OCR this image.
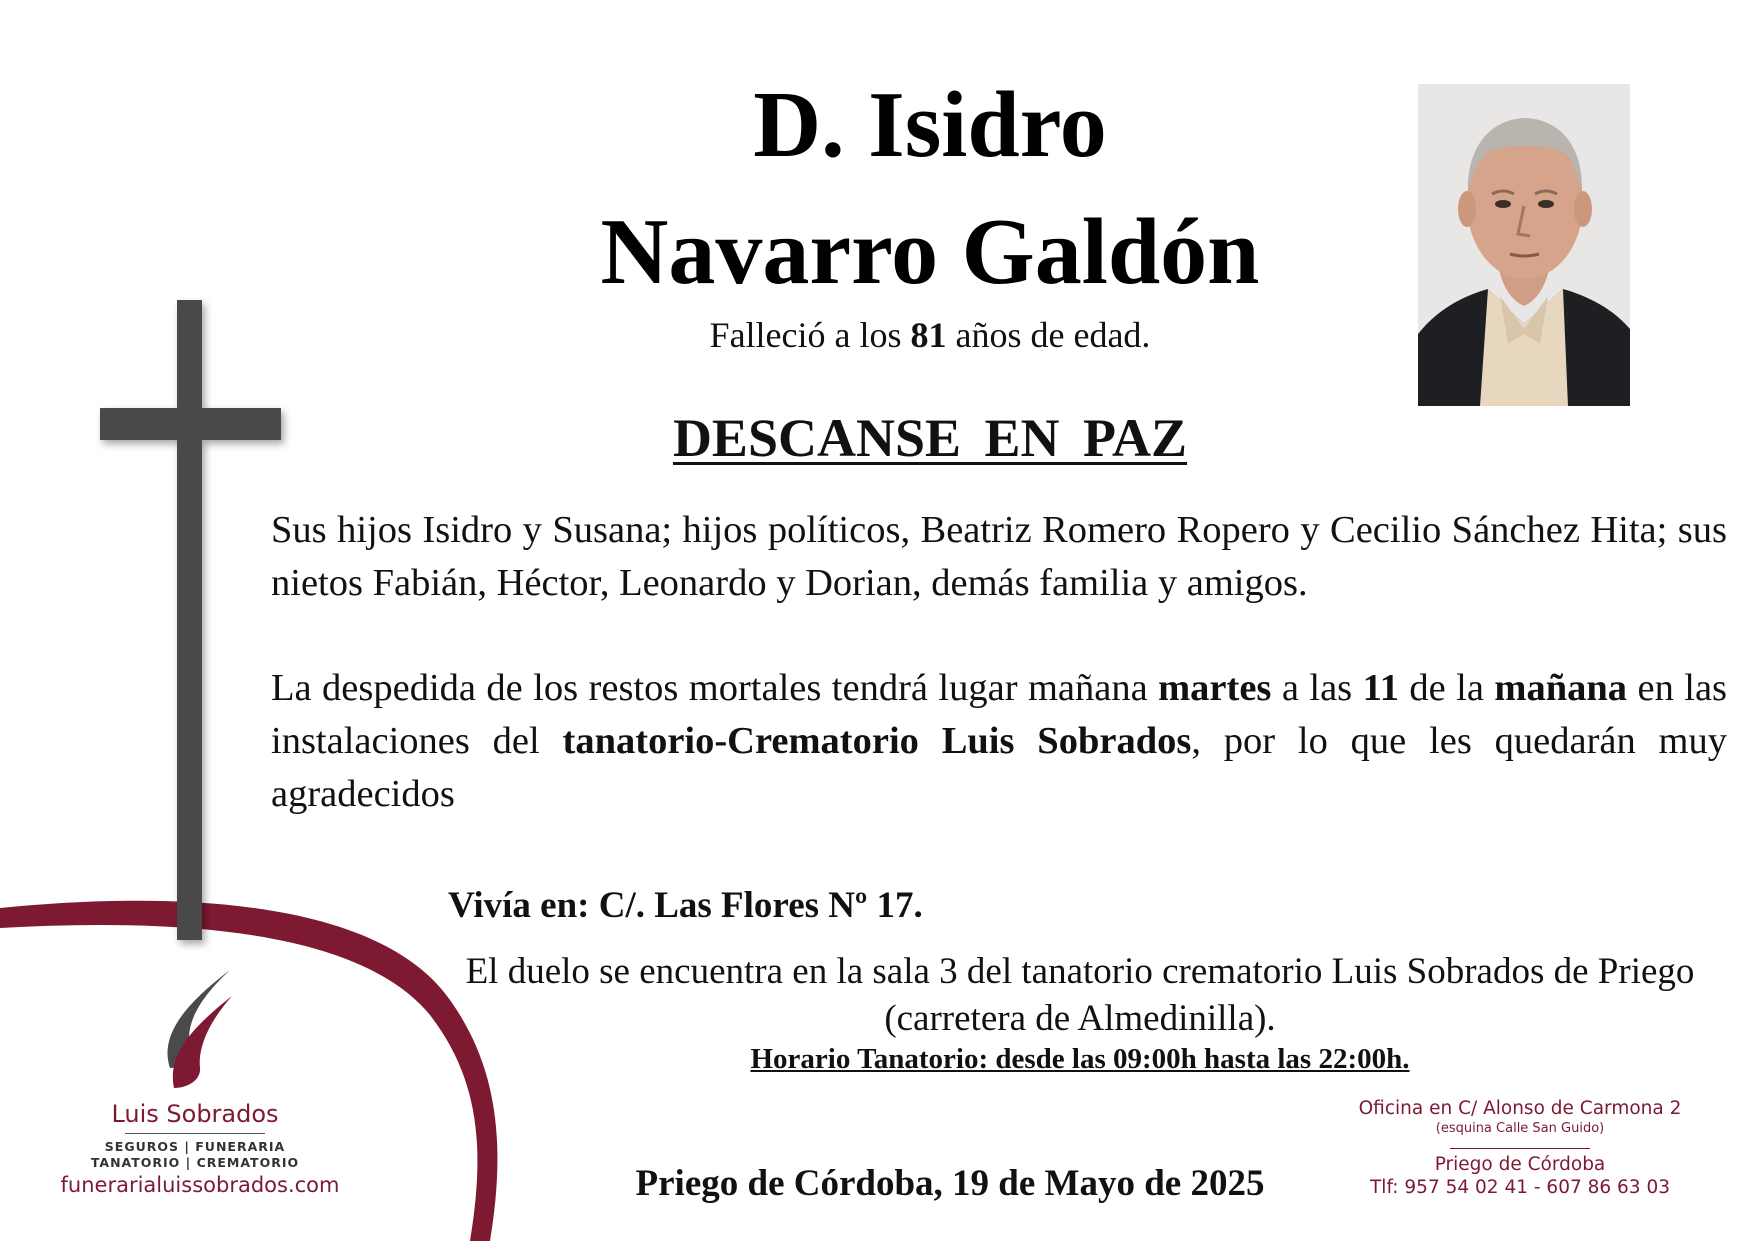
D. Isidro
Navarro Galdón
Falleció a los 81 años de edad.
DESCANSE EN PAZ
Sus hijos Isidro y Susana; hijos políticos, Beatriz Romero Ropero y Cecilio Sánchez Hita; sus nietos Fabián, Héctor, Leonardo y Dorian, demás familia y amigos.
La despedida de los restos mortales tendrá lugar mañana martes a las 11 de la mañana en las instalaciones del tanatorio-Crematorio Luis Sobrados, por lo que les quedarán muy agradecidos
Vivía en: C/. Las Flores Nº 17.
El duelo se encuentra en la sala 3 del tanatorio crematorio Luis Sobrados de Priego
(carretera de Almedinilla).
Horario Tanatorio: desde las 09:00h hasta las 22:00h.
Priego de Córdoba, 19 de Mayo de 2025
Luis Sobrados
SEGUROS | FUNERARIA
TANATORIO | CREMATORIO
funerarialuissobrados.com
Oficina en C/ Alonso de Carmona 2
(esquina Calle San Guido)
Priego de Córdoba
Tlf: 957 54 02 41 - 607 86 63 03
